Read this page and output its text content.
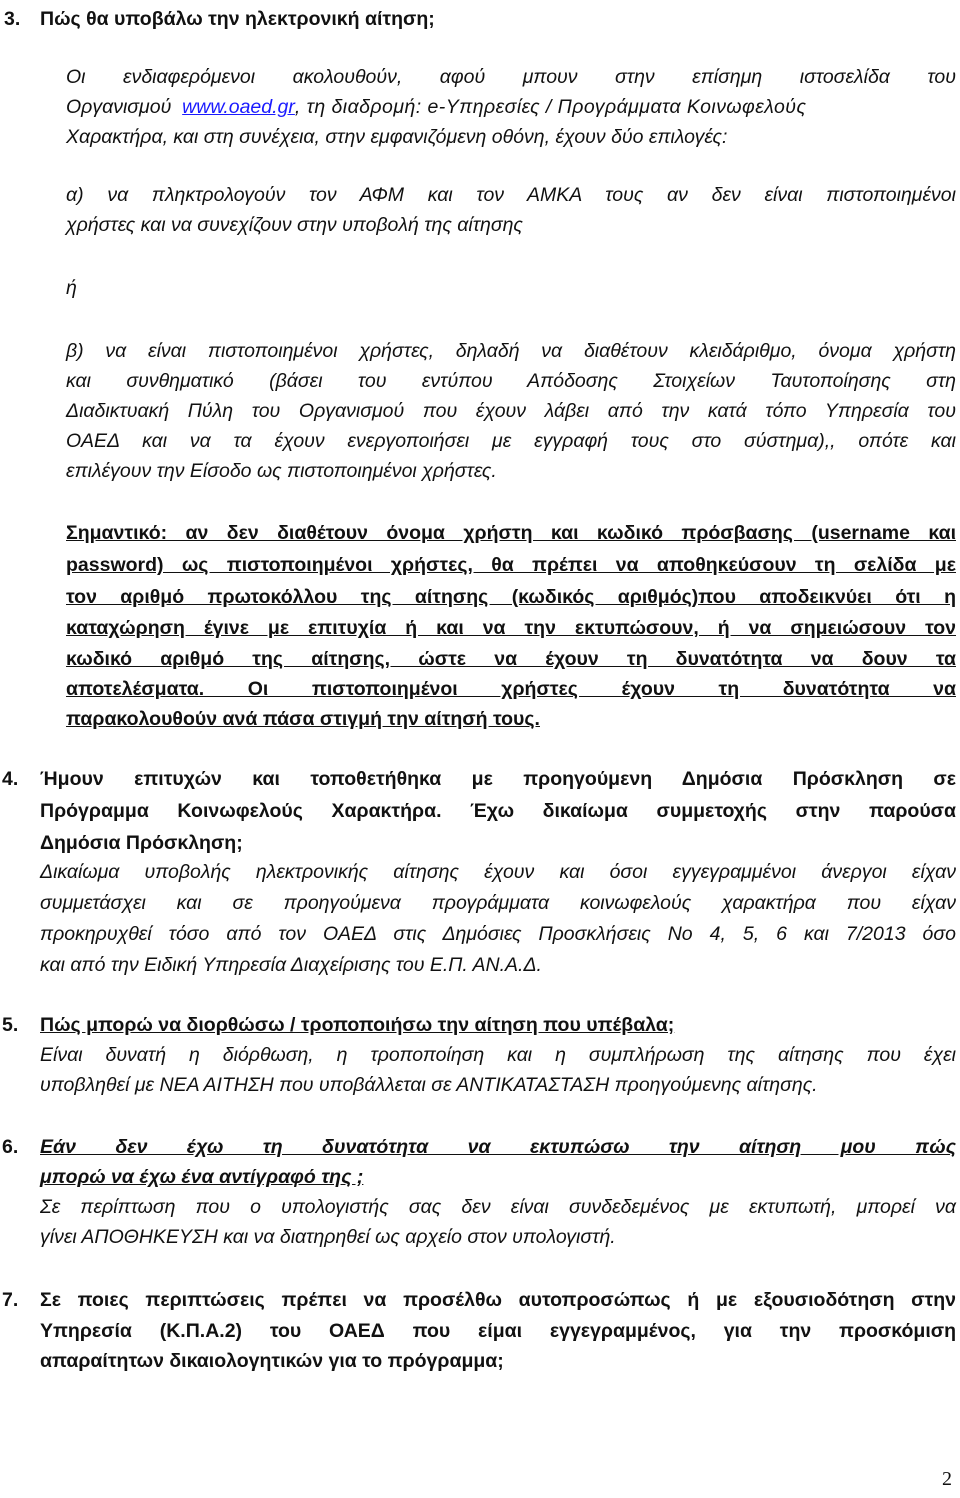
3. Πώς θα υποβάλω την ηλεκτρονική αίτηση;
Οι ενδιαφερόμενοι ακολουθούν, αφού μπουν στην επίσημη ιστοσελίδα του
Οργανισμού www.oaed.gr, τη διαδρομή: e-Υπηρεσίες / Προγράμματα Κοινωφελούς
Χαρακτήρα, και στη συνέχεια, στην εμφανιζόμενη οθόνη, έχουν δύο επιλογές:
α) να πληκτρολογούν τον ΑΦΜ και τον ΑΜΚΑ τους αν δεν είναι πιστοποιημένοι
χρήστες και να συνεχίζουν στην υποβολή της αίτησης
ή
β) να είναι πιστοποιημένοι χρήστες, δηλαδή να διαθέτουν κλειδάριθμο, όνομα χρήστη
και συνθηματικό (βάσει του εντύπου Απόδοσης Στοιχείων Ταυτοποίησης στη
Διαδικτυακή Πύλη του Οργανισμού που έχουν λάβει από την κατά τόπο Υπηρεσία του
ΟΑΕΔ και να τα έχουν ενεργοποιήσει με εγγραφή τους στο σύστημα),, οπότε και
επιλέγουν την Είσοδο ως πιστοποιημένοι χρήστες.
Σημαντικό: αν δεν διαθέτουν όνομα χρήστη και κωδικό πρόσβασης (username και
password) ως πιστοποιημένοι χρήστες, θα πρέπει να αποθηκεύσουν τη σελίδα με
τον αριθμό πρωτοκόλλου της αίτησης (κωδικός αριθμός)που αποδεικνύει ότι η
καταχώρηση έγινε με επιτυχία ή και να την εκτυπώσουν, ή να σημειώσουν τον
κωδικό αριθμό της αίτησης, ώστε να έχουν τη δυνατότητα να δουν τα
αποτελέσματα. Οι πιστοποιημένοι χρήστες έχουν τη δυνατότητα να
παρακολουθούν ανά πάσα στιγμή την αίτησή τους.
4. Ήμουν επιτυχών και τοποθετήθηκα με προηγούμενη Δημόσια Πρόσκληση σε
Πρόγραμμα Κοινωφελούς Χαρακτήρα. Έχω δικαίωμα συμμετοχής στην παρούσα
Δημόσια Πρόσκληση;
Δικαίωμα υποβολής ηλεκτρονικής αίτησης έχουν και όσοι εγγεγραμμένοι άνεργοι είχαν
συμμετάσχει και σε προηγούμενα προγράμματα κοινωφελούς χαρακτήρα που είχαν
προκηρυχθεί τόσο από τον ΟΑΕΔ στις Δημόσιες Προσκλήσεις Νο 4, 5, 6 και 7/2013 όσο
και από την Ειδική Υπηρεσία Διαχείρισης του Ε.Π. ΑΝ.Α.Δ.
5. Πώς μπορώ να διορθώσω / τροποποιήσω την αίτηση που υπέβαλα;
Είναι δυνατή η διόρθωση, η τροποποίηση και η συμπλήρωση της αίτησης που έχει
υποβληθεί με ΝΕΑ ΑΙΤΗΣΗ που υποβάλλεται σε ΑΝΤΙΚΑΤΑΣΤΑΣΗ προηγούμενης αίτησης.
6. Εάν δεν έχω τη δυνατότητα να εκτυπώσω την αίτηση μου πώς
μπορώ να έχω ένα αντίγραφό της ;
Σε περίπτωση που ο υπολογιστής σας δεν είναι συνδεδεμένος με εκτυπωτή, μπορεί να
γίνει ΑΠΟΘΗΚΕΥΣΗ και να διατηρηθεί ως αρχείο στον υπολογιστή.
7. Σε ποιες περιπτώσεις πρέπει να προσέλθω αυτοπροσώπως ή με εξουσιοδότηση στην
Υπηρεσία (Κ.Π.Α.2) του ΟΑΕΔ που είμαι εγγεγραμμένος, για την προσκόμιση
απαραίτητων δικαιολογητικών για το πρόγραμμα;
2
